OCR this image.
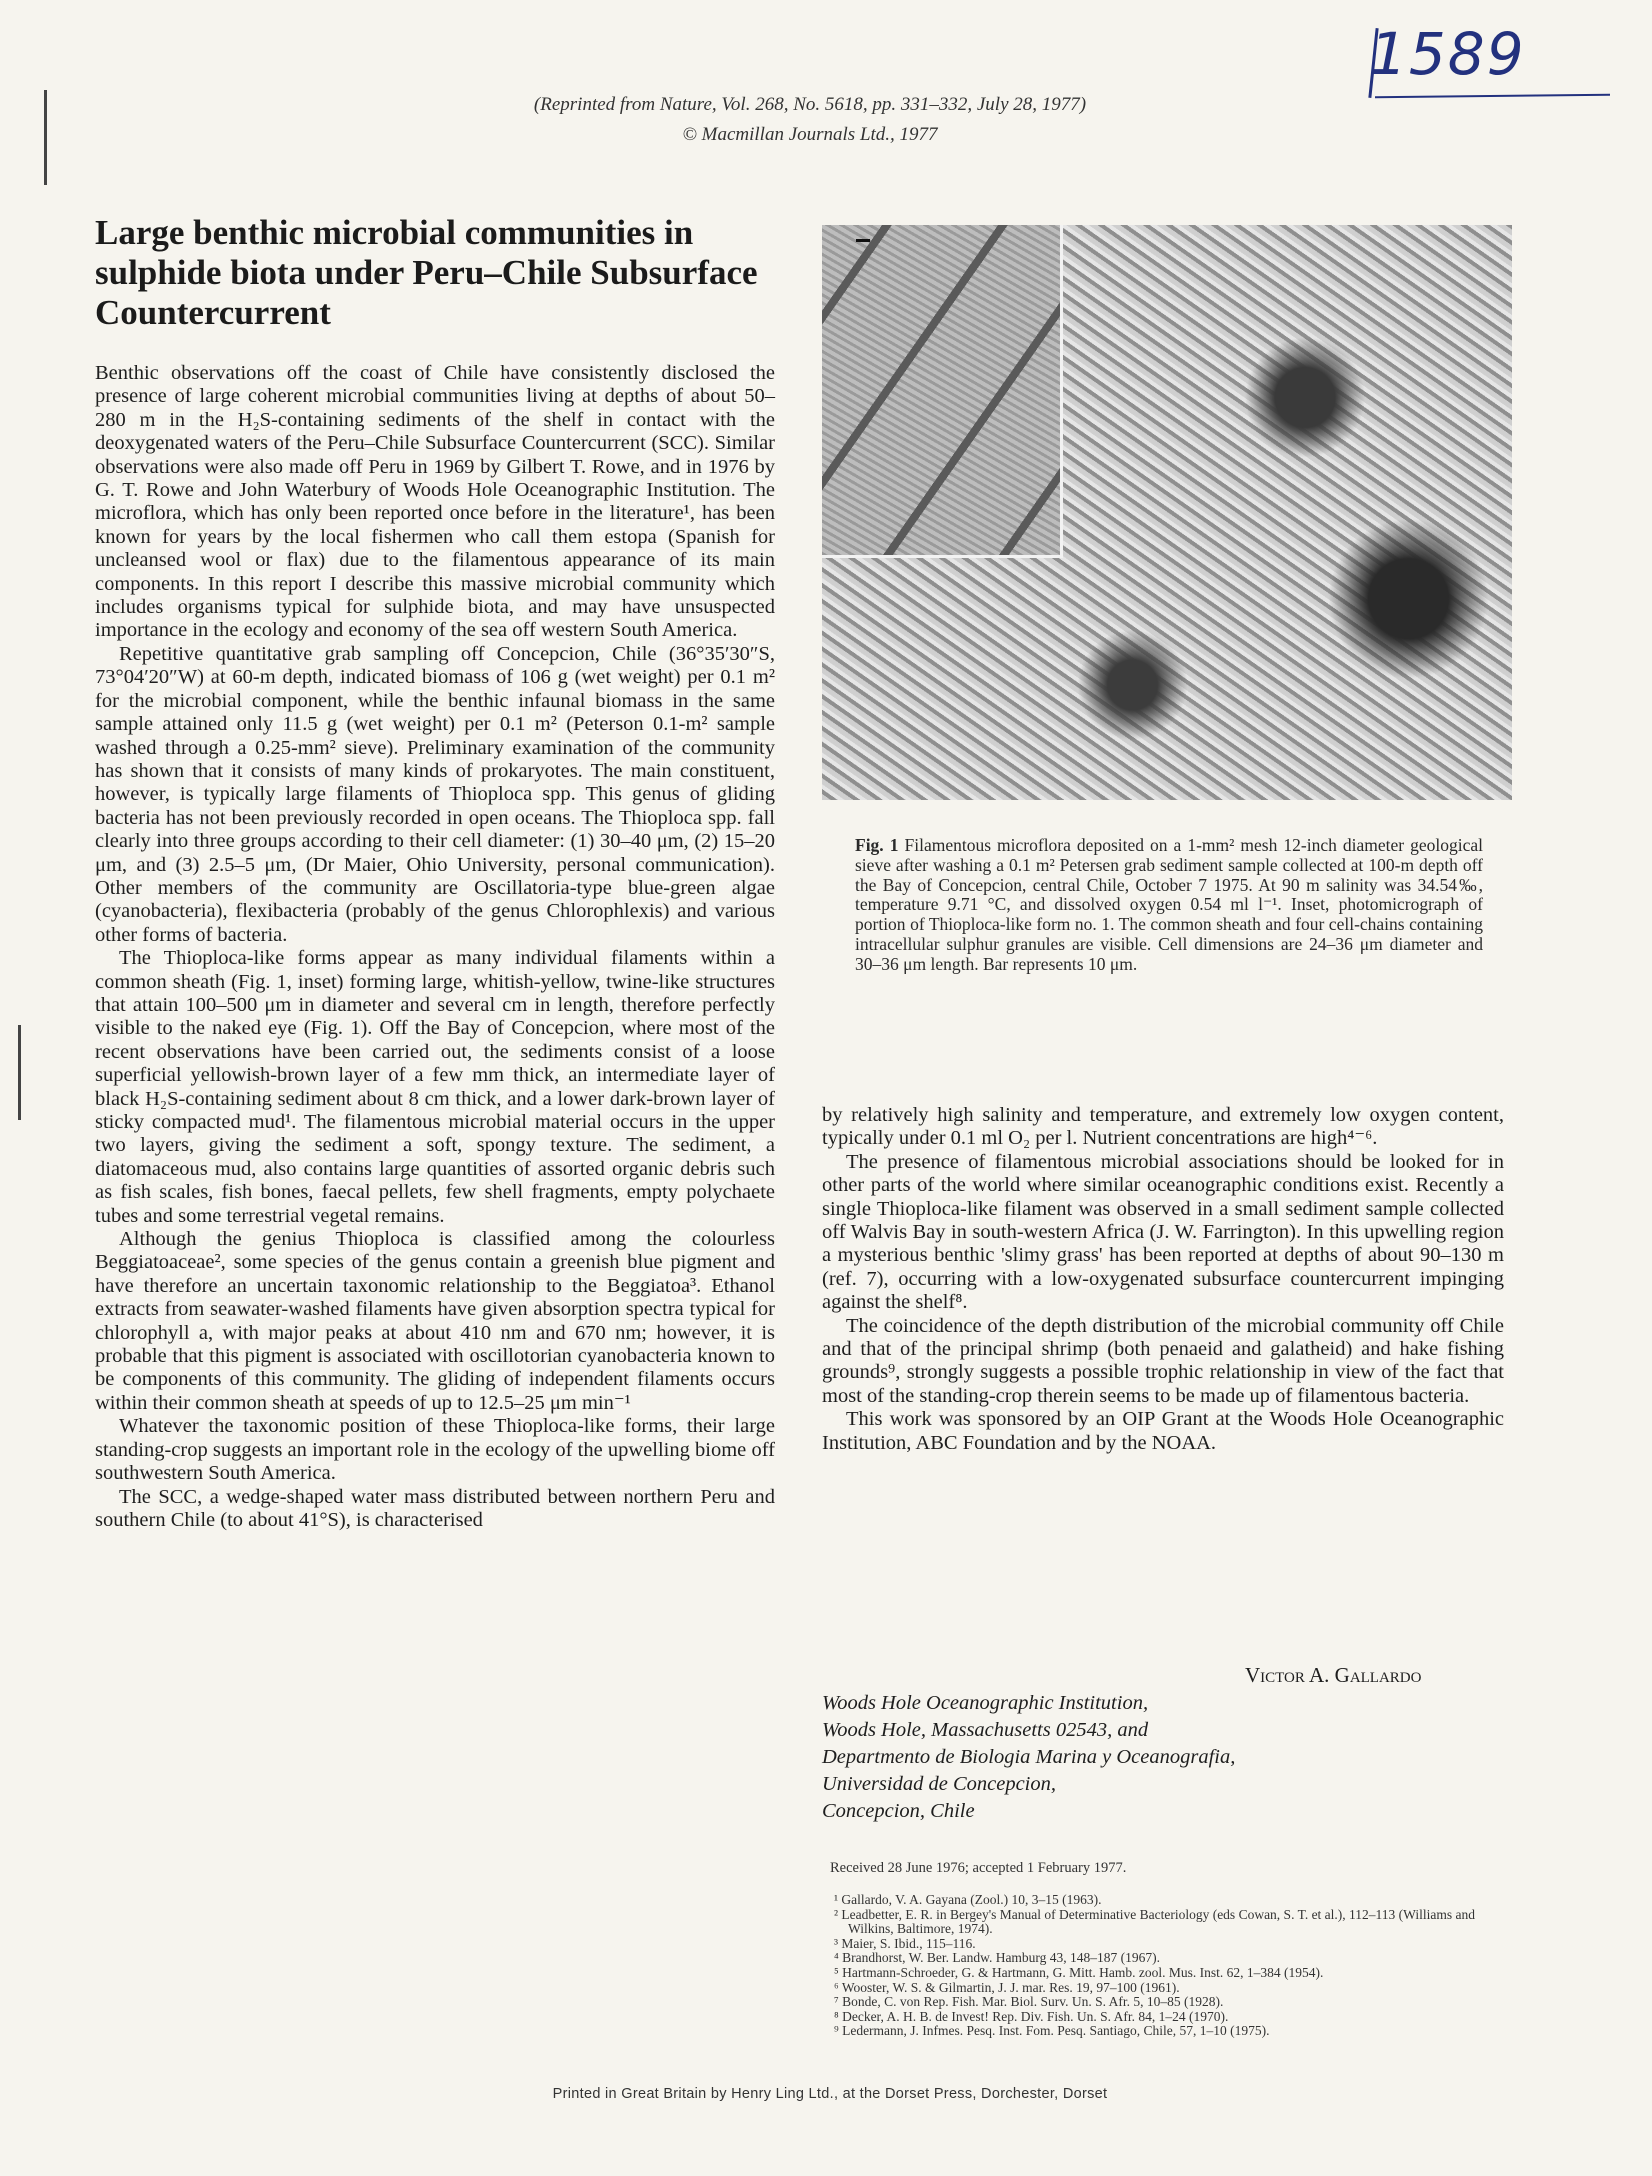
1589
(Reprinted from Nature, Vol. 268, No. 5618, pp. 331–332, July 28, 1977)
© Macmillan Journals Ltd., 1977
Large benthic microbial communities in sulphide biota under Peru–Chile Subsurface Countercurrent

Benthic observations off the coast of Chile have consistently disclosed the presence of large coherent microbial communities living at depths of about 50–280 m in the H₂S-containing sediments of the shelf in contact with the deoxygenated waters of the Peru–Chile Subsurface Countercurrent (SCC). Similar observations were also made off Peru in 1969 by Gilbert T. Rowe, and in 1976 by G. T. Rowe and John Waterbury of Woods Hole Oceanographic Institution. The microflora, which has only been reported once before in the literature¹, has been known for years by the local fishermen who call them estopa (Spanish for uncleansed wool or flax) due to the filamentous appearance of its main components. In this report I describe this massive microbial community which includes organisms typical for sulphide biota, and may have unsuspected importance in the ecology and economy of the sea off western South America.

Repetitive quantitative grab sampling off Concepcion, Chile (36°35′30″S, 73°04′20″W) at 60-m depth, indicated biomass of 106 g (wet weight) per 0.1 m² for the microbial component, while the benthic infaunal biomass in the same sample attained only 11.5 g (wet weight) per 0.1 m² (Peterson 0.1-m² sample washed through a 0.25-mm² sieve). Preliminary examination of the community has shown that it consists of many kinds of prokaryotes. The main constituent, however, is typically large filaments of Thioploca spp. This genus of gliding bacteria has not been previously recorded in open oceans. The Thioploca spp. fall clearly into three groups according to their cell diameter: (1) 30–40 μm, (2) 15–20 μm, and (3) 2.5–5 μm, (Dr Maier, Ohio University, personal communication). Other members of the community are Oscillatoria-type blue-green algae (cyanobacteria), flexibacteria (probably of the genus Chlorophlexis) and various other forms of bacteria.

The Thioploca-like forms appear as many individual filaments within a common sheath (Fig. 1, inset) forming large, whitish-yellow, twine-like structures that attain 100–500 μm in diameter and several cm in length, therefore perfectly visible to the naked eye (Fig. 1). Off the Bay of Concepcion, where most of the recent observations have been carried out, the sediments consist of a loose superficial yellowish-brown layer of a few mm thick, an intermediate layer of black H₂S-containing sediment about 8 cm thick, and a lower dark-brown layer of sticky compacted mud¹. The filamentous microbial material occurs in the upper two layers, giving the sediment a soft, spongy texture. The sediment, a diatomaceous mud, also contains large quantities of assorted organic debris such as fish scales, fish bones, faecal pellets, few shell fragments, empty polychaete tubes and some terrestrial vegetal remains.

Although the genius Thioploca is classified among the colourless Beggiatoaceae², some species of the genus contain a greenish blue pigment and have therefore an uncertain taxonomic relationship to the Beggiatoa³. Ethanol extracts from seawater-washed filaments have given absorption spectra typical for chlorophyll a, with major peaks at about 410 nm and 670 nm; however, it is probable that this pigment is associated with oscillotorian cyanobacteria known to be components of this community. The gliding of independent filaments occurs within their common sheath at speeds of up to 12.5–25 μm min⁻¹

Whatever the taxonomic position of these Thioploca-like forms, their large standing-crop suggests an important role in the ecology of the upwelling biome off southwestern South America.

The SCC, a wedge-shaped water mass distributed between northern Peru and southern Chile (to about 41°S), is characterised

Fig. 1 Filamentous microflora deposited on a 1-mm² mesh 12-inch diameter geological sieve after washing a 0.1 m² Petersen grab sediment sample collected at 100-m depth off the Bay of Concepcion, central Chile, October 7 1975. At 90 m salinity was 34.54‰, temperature 9.71 °C, and dissolved oxygen 0.54 ml l⁻¹. Inset, photomicrograph of portion of Thioploca-like form no. 1. The common sheath and four cell-chains containing intracellular sulphur granules are visible. Cell dimensions are 24–36 μm diameter and 30–36 μm length. Bar represents 10 μm.

by relatively high salinity and temperature, and extremely low oxygen content, typically under 0.1 ml O₂ per l. Nutrient concentrations are high⁴⁻⁶.

The presence of filamentous microbial associations should be looked for in other parts of the world where similar oceanographic conditions exist. Recently a single Thioploca-like filament was observed in a small sediment sample collected off Walvis Bay in south-western Africa (J. W. Farrington). In this upwelling region a mysterious benthic 'slimy grass' has been reported at depths of about 90–130 m (ref. 7), occurring with a low-oxygenated subsurface countercurrent impinging against the shelf⁸.

The coincidence of the depth distribution of the microbial community off Chile and that of the principal shrimp (both penaeid and galatheid) and hake fishing grounds⁹, strongly suggests a possible trophic relationship in view of the fact that most of the standing-crop therein seems to be made up of filamentous bacteria.

This work was sponsored by an OIP Grant at the Woods Hole Oceanographic Institution, ABC Foundation and by the NOAA.

Victor A. Gallardo
Woods Hole Oceanographic Institution,
Woods Hole, Massachusetts 02543, and
Departmento de Biologia Marina y Oceanografia,
Universidad de Concepcion,
Concepcion, Chile
Received 28 June 1976; accepted 1 February 1977.
¹ Gallardo, V. A. Gayana (Zool.) 10, 3–15 (1963).
² Leadbetter, E. R. in Bergey's Manual of Determinative Bacteriology (eds Cowan, S. T. et al.), 112–113 (Williams and Wilkins, Baltimore, 1974).
³ Maier, S. Ibid., 115–116.
⁴ Brandhorst, W. Ber. Landw. Hamburg 43, 148–187 (1967).
⁵ Hartmann-Schroeder, G. & Hartmann, G. Mitt. Hamb. zool. Mus. Inst. 62, 1–384 (1954).
⁶ Wooster, W. S. & Gilmartin, J. J. mar. Res. 19, 97–100 (1961).
⁷ Bonde, C. von Rep. Fish. Mar. Biol. Surv. Un. S. Afr. 5, 10–85 (1928).
⁸ Decker, A. H. B. de Invest! Rep. Div. Fish. Un. S. Afr. 84, 1–24 (1970).
⁹ Ledermann, J. Infmes. Pesq. Inst. Fom. Pesq. Santiago, Chile, 57, 1–10 (1975).
Printed in Great Britain by Henry Ling Ltd., at the Dorset Press, Dorchester, Dorset
